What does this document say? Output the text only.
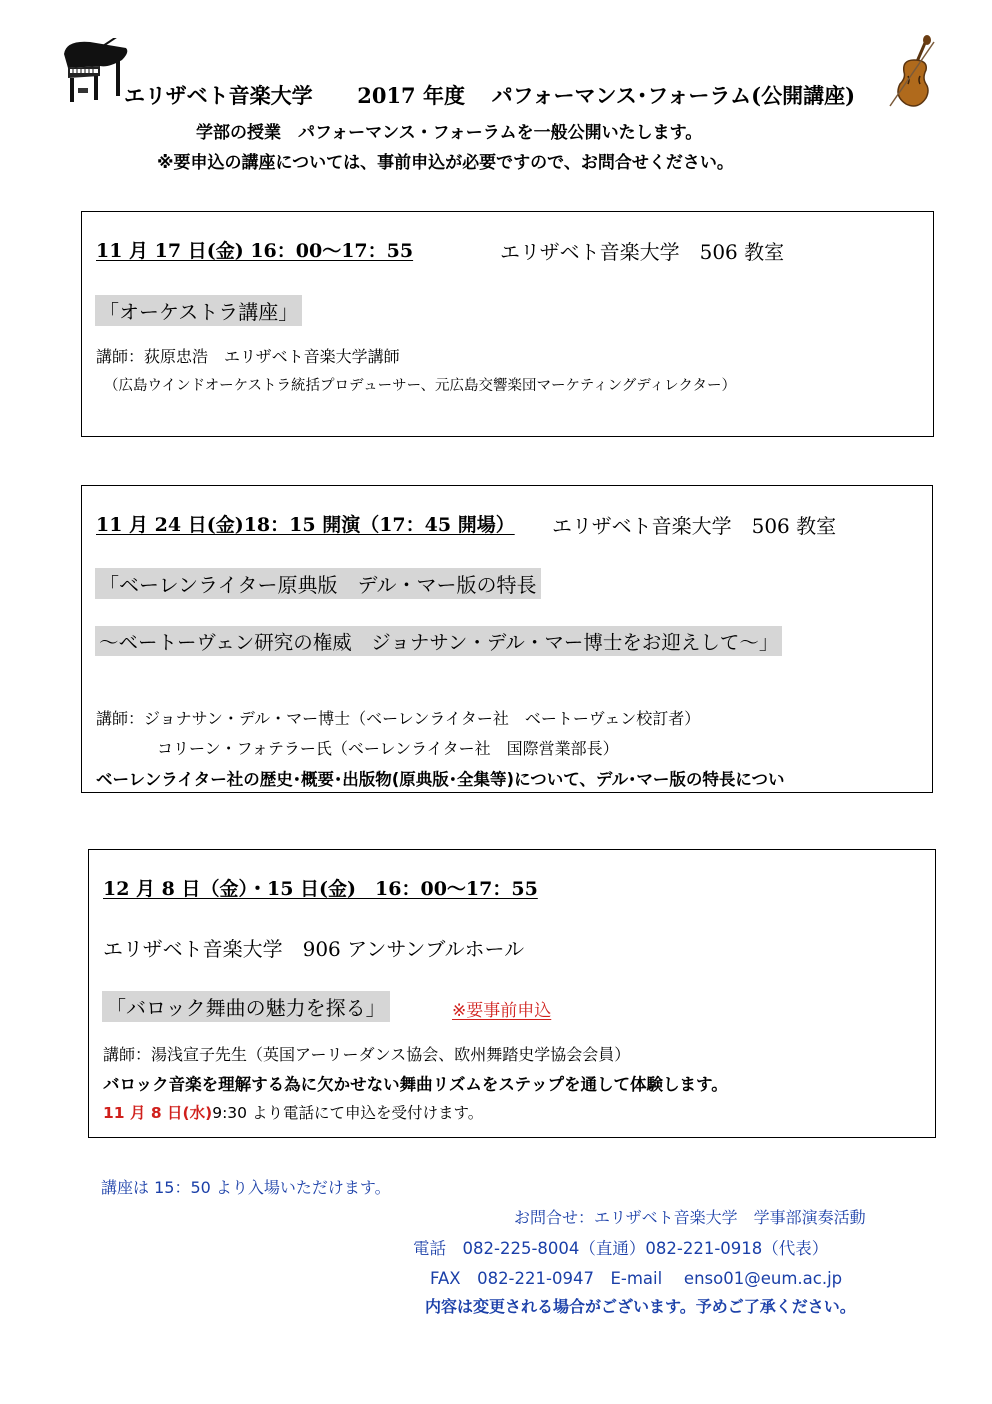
エリザベト音楽大学 2017 年度 パフォーマンス･フォーラム(公開講座)
学部の授業　パフォーマンス・フォーラムを一般公開いたします。
※要申込の講座については、事前申込が必要ですので、お問合せください。
11 月 17 日(金) 16：00～17：55	エリザベト音楽大学　506 教室
「オーケストラ講座」
講師：荻原忠浩　エリザベト音楽大学講師
（広島ウインドオーケストラ統括プロデューサー、元広島交響楽団マーケティングディレクター）
11 月 24 日(金)18：15 開演（17：45 開場） エリザベト音楽大学　506 教室
「ベーレンライター原典版　デル・マー版の特長
～ベートーヴェン研究の権威　ジョナサン・デル・マー博士をお迎えして～」
講師：ジョナサン・デル・マー博士（ベーレンライター社　ベートーヴェン校訂者）
コリーン・フォテラー氏（ベーレンライター社　国際営業部長）
ベーレンライター社の歴史･概要･出版物(原典版･全集等)について、デル･マー版の特長につい
12 月 8 日（金）・15 日(金)　16：00～17：55
エリザベト音楽大学　906 アンサンブルホール
「バロック舞曲の魅力を探る」	※要事前申込
講師：湯浅宣子先生（英国アーリーダンス協会、欧州舞踏史学協会会員）
バロック音楽を理解する為に欠かせない舞曲リズムをステップを通して体験します。
11 月 8 日(水)9:30 より電話にて申込を受付けます。
講座は 15：50 より入場いただけます。
お問合せ：エリザベト音楽大学　学事部演奏活動
電話　082-225-8004（直通）082-221-0918（代表）
FAX　082-221-0947　E-mail　 enso01@eum.ac.jp
内容は変更される場合がございます。予めご了承ください。
